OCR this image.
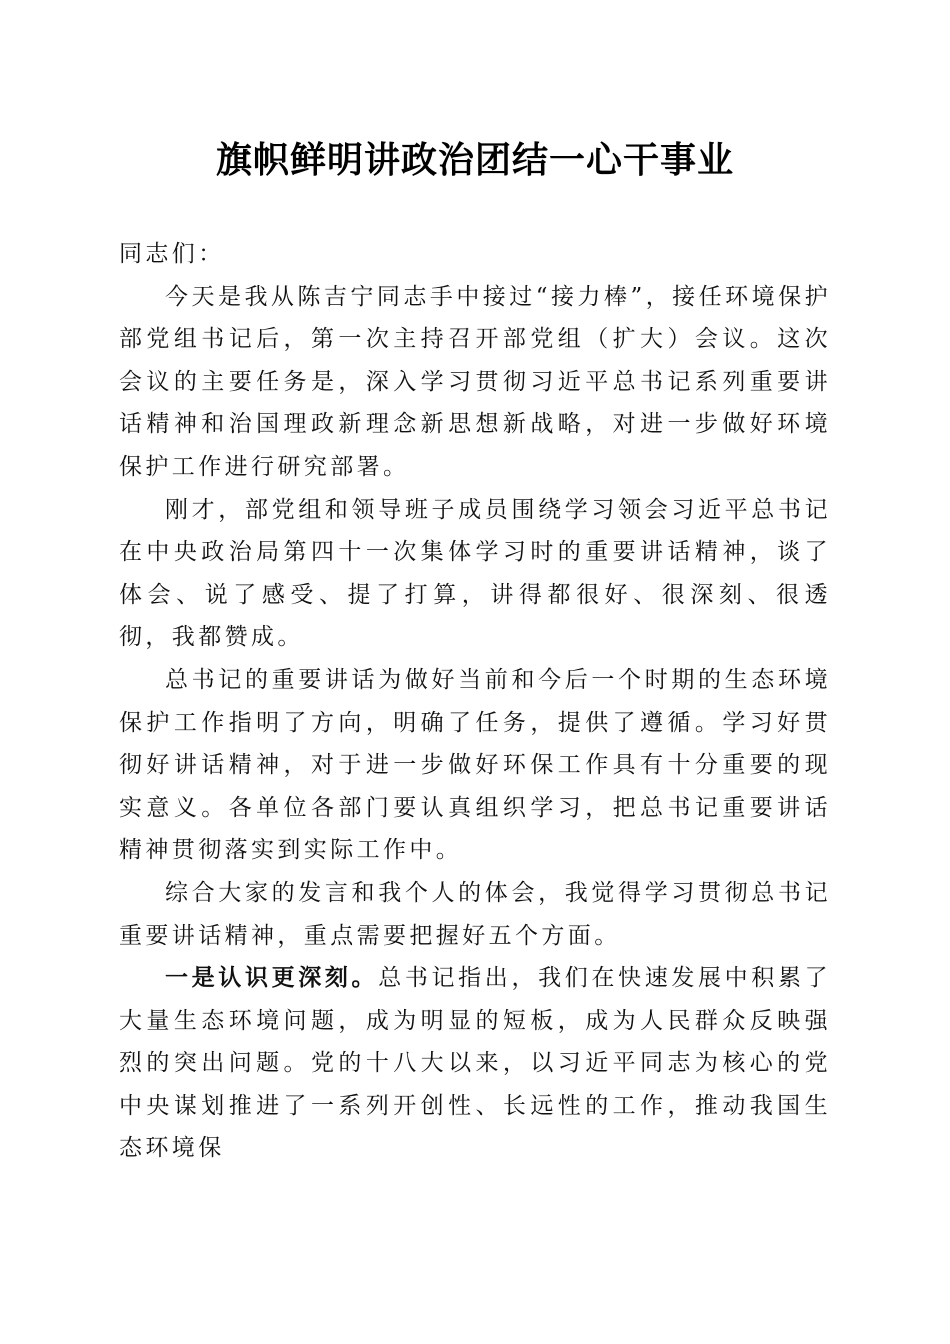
旗帜鲜明讲政治团结一心干事业

同志们：

今天是我从陈吉宁同志手中接过“接力棒”，接任环境保护部党组书记后，第一次主持召开部党组（扩大）会议。这次会议的主要任务是，深入学习贯彻习近平总书记系列重要讲话精神和治国理政新理念新思想新战略，对进一步做好环境保护工作进行研究部署。

刚才，部党组和领导班子成员围绕学习领会习近平总书记在中央政治局第四十一次集体学习时的重要讲话精神，谈了体会、说了感受、提了打算，讲得都很好、很深刻、很透彻，我都赞成。

总书记的重要讲话为做好当前和今后一个时期的生态环境保护工作指明了方向，明确了任务，提供了遵循。学习好贯彻好讲话精神，对于进一步做好环保工作具有十分重要的现实意义。各单位各部门要认真组织学习，把总书记重要讲话精神贯彻落实到实际工作中。

综合大家的发言和我个人的体会，我觉得学习贯彻总书记重要讲话精神，重点需要把握好五个方面。

一是认识更深刻。总书记指出，我们在快速发展中积累了大量生态环境问题，成为明显的短板，成为人民群众反映强烈的突出问题。党的十八大以来，以习近平同志为核心的党中央谋划推进了一系列开创性、长远性的工作，推动我国生态环境保
